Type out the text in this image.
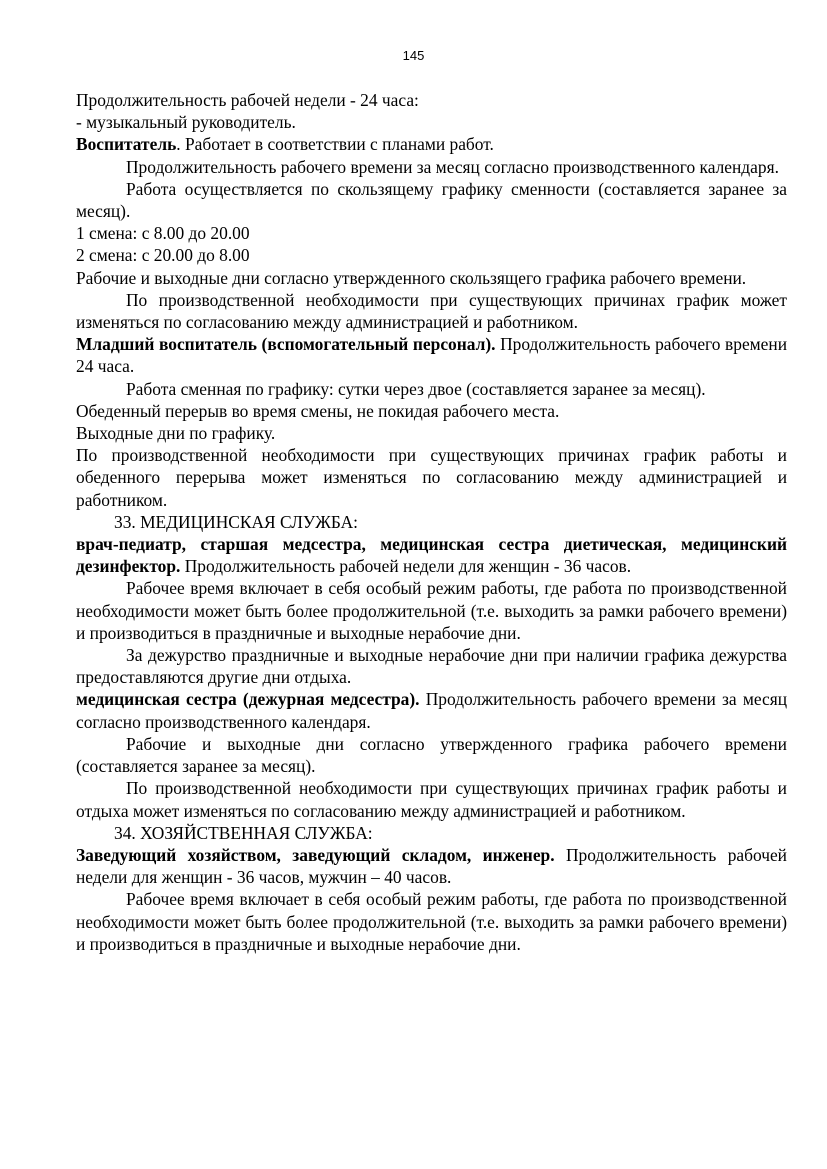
145

Продолжительность рабочей недели - 24 часа:

- музыкальный руководитель.

Воспитатель. Работает в соответствии с планами работ.

Продолжительность рабочего времени за месяц согласно производственного календаря.

Работа осуществляется по скользящему графику сменности (составляется заранее за месяц).

1 смена: с 8.00 до 20.00

2 смена: с 20.00 до 8.00

Рабочие и выходные дни согласно утвержденного скользящего графика рабочего времени.

По производственной необходимости при существующих причинах график может изменяться по согласованию между администрацией и работником.

Младший воспитатель (вспомогательный персонал). Продолжительность рабочего времени 24 часа.

Работа сменная по графику: сутки через двое (составляется заранее за месяц).

Обеденный перерыв во время смены, не покидая рабочего места.

Выходные дни по графику.

По производственной необходимости при существующих причинах график работы и обеденного перерыва может изменяться по согласованию между администрацией и работником.

33. МЕДИЦИНСКАЯ СЛУЖБА:

врач-педиатр, старшая медсестра, медицинская сестра диетическая, медицинский дезинфектор. Продолжительность рабочей недели для женщин - 36 часов.

Рабочее время включает в себя особый режим работы, где работа по производственной необходимости может быть более продолжительной (т.е. выходить за рамки рабочего времени) и производиться в праздничные и выходные нерабочие дни.

За дежурство праздничные и выходные нерабочие дни при наличии графика дежурства предоставляются другие дни отдыха.

медицинская сестра (дежурная медсестра). Продолжительность рабочего времени за месяц согласно производственного календаря.

Рабочие и выходные дни согласно утвержденного графика рабочего времени (составляется заранее за месяц).

По производственной необходимости при существующих причинах график работы и отдыха может изменяться по согласованию между администрацией и работником.

34. ХОЗЯЙСТВЕННАЯ СЛУЖБА:

Заведующий хозяйством, заведующий складом, инженер. Продолжительность рабочей недели для женщин - 36 часов, мужчин – 40 часов.

Рабочее время включает в себя особый режим работы, где работа по производственной необходимости может быть более продолжительной (т.е. выходить за рамки рабочего времени) и производиться в праздничные и выходные нерабочие дни.
